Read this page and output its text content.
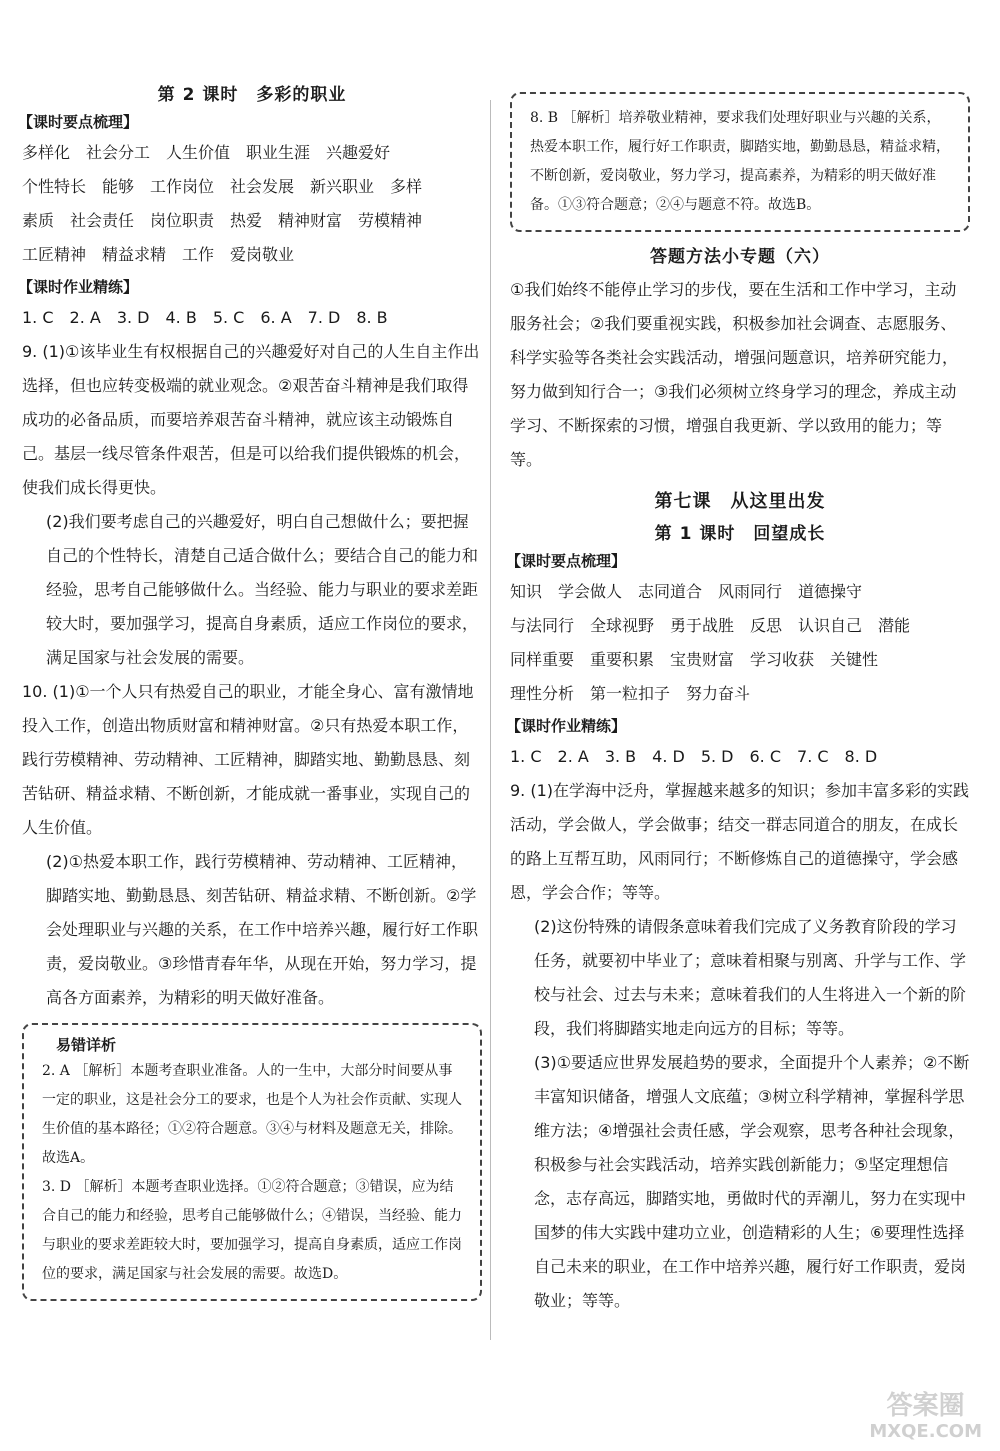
第 2 课时　多彩的职业
【课时要点梳理】

多样化　社会分工　人生价值　职业生涯　兴趣爱好

个性特长　能够　工作岗位　社会发展　新兴职业　多样

素质　社会责任　岗位职责　热爱　精神财富　劳模精神

工匠精神　精益求精　工作　爱岗敬业

【课时作业精练】

1. C　2. A　3. D　4. B　5. C　6. A　7. D　8. B

9. (1)①该毕业生有权根据自己的兴趣爱好对自己的人生自主作出选择，但也应转变极端的就业观念。②艰苦奋斗精神是我们取得成功的必备品质，而要培养艰苦奋斗精神，就应该主动锻炼自己。基层一线尽管条件艰苦，但是可以给我们提供锻炼的机会，使我们成长得更快。

(2)我们要考虑自己的兴趣爱好，明白自己想做什么；要把握自己的个性特长，清楚自己适合做什么；要结合自己的能力和经验，思考自己能够做什么。当经验、能力与职业的要求差距较大时，要加强学习，提高自身素质，适应工作岗位的要求，满足国家与社会发展的需要。

10. (1)①一个人只有热爱自己的职业，才能全身心、富有激情地投入工作，创造出物质财富和精神财富。②只有热爱本职工作，践行劳模精神、劳动精神、工匠精神，脚踏实地、勤勤恳恳、刻苦钻研、精益求精、不断创新，才能成就一番事业，实现自己的人生价值。

(2)①热爱本职工作，践行劳模精神、劳动精神、工匠精神，脚踏实地、勤勤恳恳、刻苦钻研、精益求精、不断创新。②学会处理职业与兴趣的关系，在工作中培养兴趣，履行好工作职责，爱岗敬业。③珍惜青春年华，从现在开始，努力学习，提高各方面素养，为精彩的明天做好准备。

易错详析

2. A ［解析］本题考查职业准备。人的一生中，大部分时间要从事一定的职业，这是社会分工的要求，也是个人为社会作贡献、实现人生价值的基本路径；①②符合题意。③④与材料及题意无关，排除。故选A。

3. D ［解析］本题考查职业选择。①②符合题意；③错误，应为结合自己的能力和经验，思考自己能够做什么；④错误，当经验、能力与职业的要求差距较大时，要加强学习，提高自身素质，适应工作岗位的要求，满足国家与社会发展的需要。故选D。

8. B ［解析］培养敬业精神，要求我们处理好职业与兴趣的关系，热爱本职工作，履行好工作职责，脚踏实地，勤勤恳恳，精益求精，不断创新，爱岗敬业，努力学习，提高素养，为精彩的明天做好准备。①③符合题意；②④与题意不符。故选B。

答题方法小专题（六）

①我们始终不能停止学习的步伐，要在生活和工作中学习，主动服务社会；②我们要重视实践，积极参加社会调查、志愿服务、科学实验等各类社会实践活动，增强问题意识，培养研究能力，努力做到知行合一；③我们必须树立终身学习的理念，养成主动学习、不断探索的习惯，增强自我更新、学以致用的能力；等等。

第七课　从这里出发
第 1 课时　回望成长
【课时要点梳理】

知识　学会做人　志同道合　风雨同行　道德操守

与法同行　全球视野　勇于战胜　反思　认识自己　潜能

同样重要　重要积累　宝贵财富　学习收获　关键性

理性分析　第一粒扣子　努力奋斗

【课时作业精练】

1. C　2. A　3. B　4. D　5. D　6. C　7. C　8. D

9. (1)在学海中泛舟，掌握越来越多的知识；参加丰富多彩的实践活动，学会做人，学会做事；结交一群志同道合的朋友，在成长的路上互帮互助，风雨同行；不断修炼自己的道德操守，学会感恩，学会合作；等等。

(2)这份特殊的请假条意味着我们完成了义务教育阶段的学习任务，就要初中毕业了；意味着相聚与别离、升学与工作、学校与社会、过去与未来；意味着我们的人生将进入一个新的阶段，我们将脚踏实地走向远方的目标；等等。

(3)①要适应世界发展趋势的要求，全面提升个人素养；②不断丰富知识储备，增强人文底蕴；③树立科学精神，掌握科学思维方法；④增强社会责任感，学会观察，思考各种社会现象，积极参与社会实践活动，培养实践创新能力；⑤坚定理想信念，志存高远，脚踏实地，勇做时代的弄潮儿，努力在实现中国梦的伟大实践中建功立业，创造精彩的人生；⑥要理性选择自己未来的职业，在工作中培养兴趣，履行好工作职责，爱岗敬业；等等。

答案圈
MXQE.COM
